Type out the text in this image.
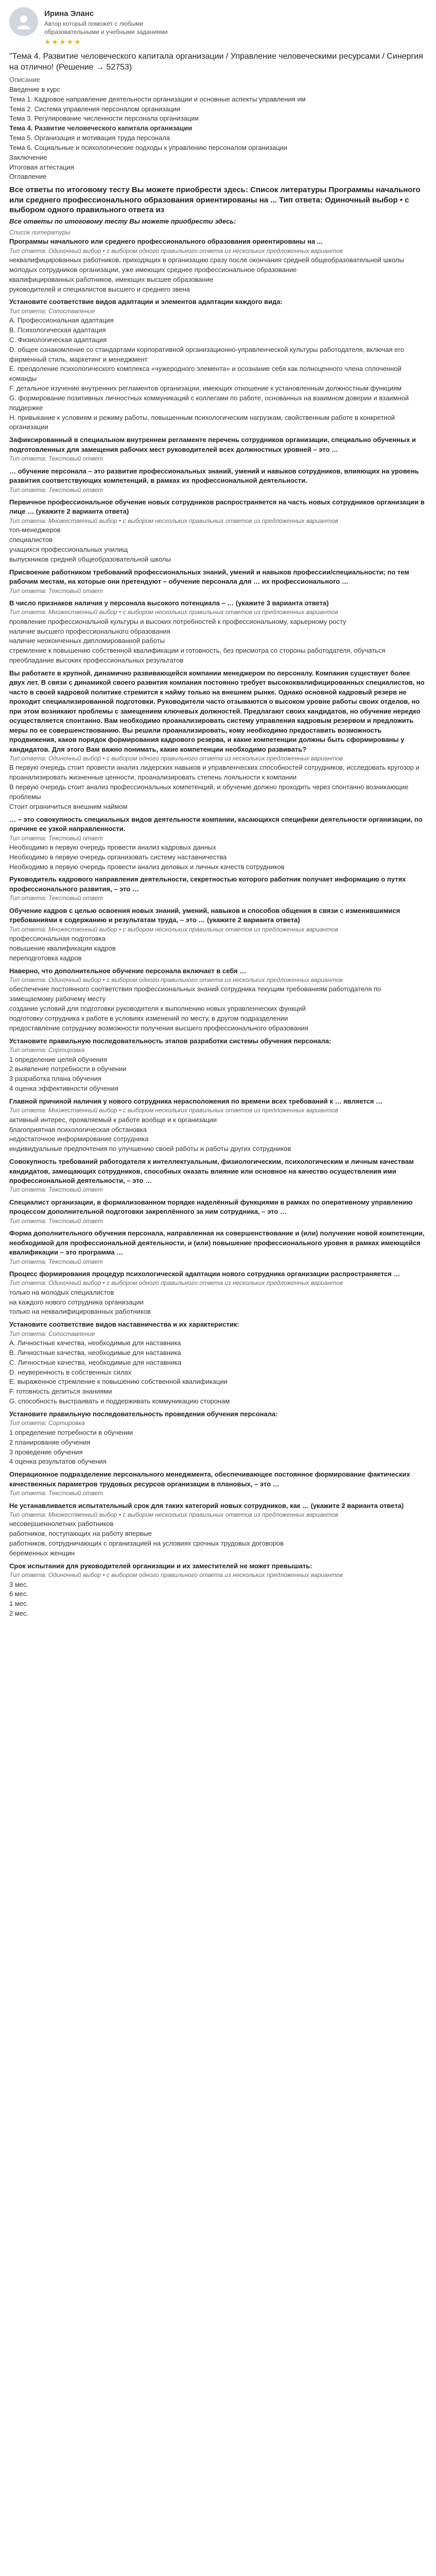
Ирина Эланс
Автор который поможет с любыми образовательными и учебными заданиями
★ ★ ★ ★ ★
"Тема 4. Развитие человеческого капитала организации / Управление человеческими ресурсами / Синергия на отлично! (Решение → 52753)
Описание
Введение в курс
Тема 1. Кадровое направление деятельности организации и основные аспекты управления им
Тема 2. Система управления персоналом организации
Тема 3. Регулирование численности персонала организации
Тема 4. Развитие человеческого капитала организации
Тема 5. Организация и мотивация труда персонала
Тема 6. Социальные и психологические подходы к управлению персоналом организации
Заключение
Итоговая аттестация
Оглавление
Все ответы по итоговому тесту Вы можете приобрести здесь: Список литературы Программы начального или среднего профессионального образования ориентированы на ... Тип ответа: Одиночный выбор • с выбором одного правильного ответа из
Все ответы по итоговому тесту Вы можете приобрести здесь:
Список литературы
Программы начального или среднего профессионального образования ориентированы на ...
Тип ответа: Одиночный выбор • с выбором одного правильного ответа из нескольких предложенных вариантов
неквалифицированных работников, приходящих в организацию сразу после окончания средней общеобразовательной школы
молодых сотрудников организации, уже имеющих среднее профессиональное образование
квалифицированных работников, имеющих высшее образование
руководителей и специалистов высшего и среднего звена
Установите соответствие видов адаптации и элементов адаптации каждого вида:
Тип ответа: Сопоставление
A. Профессиональная адаптация
B. Психологическая адаптация
C. Физиологическая адаптация
D. общее ознакомление со стандартами корпоративной организационно-управленческой культуры работодателя, включая его фирменный стиль, маркетинг и менеджмент
E. преодоление психологического комплекса «чужеродного элемента» и осознание себя как полноценного члена сплоченной команды
F. детальное изучение внутренних регламентов организации, имеющих отношение к установленным должностным функциям
G. формирование позитивных личностных коммуникаций с коллегами по работе, основанных на взаимном доверии и взаимной поддержке
H. привыкание к условиям и режиму работы, повышенным психологическим нагрузкам, свойственным работе в конкретной организации
Зафиксированный в специальном внутреннем регламенте перечень сотрудников организации, специально обученных и подготовленных для замещения рабочих мест руководителей всех должностных уровней – это …
Тип ответа: Текстовый ответ
… обучение персонала – это развитие профессиональных знаний, умений и навыков сотрудников, влияющих на уровень развития соответствующих компетенций, в рамках их профессиональной деятельности.
Тип ответа: Текстовый ответ
Первичное профессиональное обучение новых сотрудников распространяется на часть новых сотрудников организации в лице … (укажите 2 варианта ответа)
Тип ответа: Множественный выбор • с выбором нескольких правильных ответов из предложенных вариантов
топ-менеджеров
специалистов
учащихся профессиональных училищ
выпускников средней общеобразовательной школы
Присвоение работником требований профессиональных знаний, умений и навыков профессии/специальности; по тем рабочим местам, на которые они претендуют – обучение персонала для … их профессионального …
Тип ответа: Текстовый ответ
В число признаков наличия у персонала высокого потенциала – … (укажите 3 варианта ответа)
Тип ответа: Множественный выбор • с выбором нескольких правильных ответов из предложенных вариантов
проявление профессиональной культуры и высоких потребностей к профессиональному, карьерному росту
наличие высшего профессионального образования
наличие неоконченных дипломированной работы
стремление к повышению собственной квалификации и готовность, без присмотра со стороны работодателя, обучаться
преобладание высоких профессиональных результатов
Вы работаете в крупной, динамично развивающейся компании менеджером по персоналу. Компания существует более двух лет. В связи с динамикой своего развития компания постоянно требует высококвалифицированных специалистов, но часто в своей кадровой политике стремится к найму только на внешнем рынке. Однако основной кадровый резерв не проходит специализированной подготовки. Руководители часто отзываются о высоком уровне работы своих отделов, но при этом возникают проблемы с замещением ключевых должностей. Предлагают своих кандидатов, но обучение нередко осуществляется спонтанно. Вам необходимо проанализировать систему управления кадровым резервом и предложить меры по ее совершенствованию. Вы решили проанализировать, кому необходимо предоставить возможность продвижения, каков порядок формирования кадрового резерва, и какие компетенции должны быть сформированы у кандидатов. Для этого Вам важно понимать, какие компетенции необходимо развивать?
Тип ответа: Одиночный выбор • с выбором одного правильного ответа из нескольких предложенных вариантов
В первую очередь стоит провести анализ лидерских навыков и управленческих способностей сотрудников, исследовать кругозор и проанализировать жизненные ценности, проанализировать степень лояльности к компании
В первую очередь стоит анализ профессиональных компетенций, и обучение должно проходить через спонтанно возникающие проблемы
Стоит ограничиться внешним наймом
… – это совокупность специальных видов деятельности компании, касающихся специфики деятельности организации, по причине ее узкой направленности.
Тип ответа: Текстовый ответ
Необходимо в первую очередь провести анализ кадровых данных
Необходимо в первую очередь организовать систему наставничества
Необходимо в первую очередь провести анализ деловых и личных качеств сотрудников
Руководитель кадрового направления деятельности, секретностью которого работник получает информацию о путях профессионального развития, – это …
Тип ответа: Текстовый ответ
Обучение кадров с целью освоения новых знаний, умений, навыков и способов общения в связи с изменившимися требованиями к содержанию и результатам труда, – это … (укажите 2 варианта ответа)
Тип ответа: Множественный выбор • с выбором нескольких правильных ответов из предложенных вариантов
профессиональная подготовка
повышение квалификации кадров
переподготовка кадров
Наверно, что дополнительное обучение персонала включает в себя …
Тип ответа: Одиночный выбор • с выбором одного правильного ответа из нескольких предложенных вариантов
обеспечение постоянного соответствия профессиональных знаний сотрудника текущим требованиям работодателя по замещаемому рабочему месту
создание условий для подготовки руководителя к выполнению новых управленческих функций
подготовку сотрудника к работе в условиях изменений по месту, в другом подразделении
предоставление сотруднику возможности получения высшего профессионального образования
Установите правильную последовательность этапов разработки системы обучения персонала:
Тип ответа: Сортировка
1 определение целей обучения
2 выявление потребности в обучении
3 разработка плана обучения
4 оценка эффективности обучения
Главной причиной наличия у нового сотрудника нерасположения по времени всех требований к … является …
Тип ответа: Множественный выбор • с выбором нескольких правильных ответов из предложенных вариантов
активный интерес, проявляемый к работе вообще и к организации
благоприятная психологическая обстановка
недостаточное информирование сотрудника
индивидуальные предпочтения по улучшению своей работы и работы других сотрудников
Совокупность требований работодателя к интеллектуальным, физиологическим, психологическим и личным качествам кандидатов, замещающих сотрудников, способных оказать влияние или основное на качество осуществления ими профессиональной деятельности, – это …
Тип ответа: Текстовый ответ
Специалист организации, в формализованном порядке наделённый функциями в рамках по оперативному управлению процессом дополнительной подготовки закреплённого за ним сотрудника, – это …
Тип ответа: Текстовый ответ
Форма дополнительного обучения персонала, направленная на совершенствование и (или) получение новой компетенции, необходимой для профессиональной деятельности, и (или) повышение профессионального уровня в рамках имеющейся квалификации – это программа …
Тип ответа: Текстовый ответ
Процесс формирования процедур психологической адаптации нового сотрудника организации распространяется …
Тип ответа: Одиночный выбор • с выбором одного правильного ответа из нескольких предложенных вариантов
только на молодых специалистов
на каждого нового сотрудника организации
только на неквалифицированных работников
Установите соответствие видов наставничества и их характеристик:
Тип ответа: Сопоставление
A. Личностные качества, необходимые для наставника
B. Личностные качества, необходимые для наставника
C. Личностные качества, необходимые для наставника
D. неуверенность в собственных силах
E. выраженное стремление к повышению собственной квалификации
F. готовность делиться знаниями
G. способность выстраивать и поддерживать коммуникацию сторонам
Установите правильную последовательность проведения обучения персонала:
Тип ответа: Сортировка
1 определение потребности в обучении
2 планирование обучения
3 проведение обучения
4 оценка результатов обучения
Операционное подразделение персонального менеджмента, обеспечивающее постоянное формирование фактических качественных параметров трудовых ресурсов организации в плановых, – это …
Тип ответа: Текстовый ответ
Не устанавливается испытательный срок для таких категорий новых сотрудников, как … (укажите 2 варианта ответа)
Тип ответа: Множественный выбор • с выбором нескольких правильных ответов из предложенных вариантов
несовершеннолетних работников
работников, поступающих на работу впервые
работников, сотрудничающих с организацией на условиях срочных трудовых договоров
беременных женщин
Срок испытания для руководителей организации и их заместителей не может превышать:
Тип ответа: Одиночный выбор • с выбором одного правильного ответа из нескольких предложенных вариантов
3 мес.
6 мес.
1 мес.
2 мес.
